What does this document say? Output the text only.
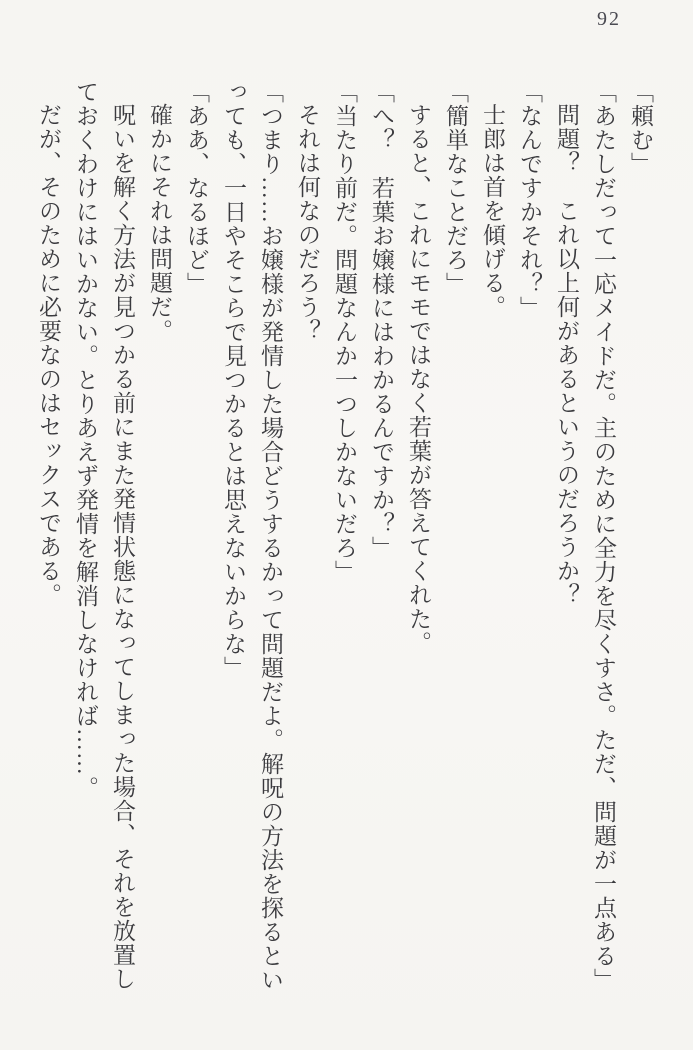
92

「頼む」

「あたしだって一応メイドだ。主のために全力を尽くすさ。ただ、問題が一点ある」

問題？　これ以上何があるというのだろうか？

「なんですかそれ？」

士郎は首を傾げる。

「簡単なことだろ」

すると、これにモモではなく若葉が答えてくれた。

「へ？　若葉お嬢様にはわかるんですか？」

「当たり前だ。問題なんか一つしかないだろ」

それは何なのだろう？

「つまり……お嬢様が発情した場合どうするかって問題だよ。解呪の方法を探るとい

っても、一日やそこらで見つかるとは思えないからな」

「ああ、なるほど」

確かにそれは問題だ。

呪いを解く方法が見つかる前にまた発情状態になってしまった場合、それを放置し

ておくわけにはいかない。とりあえず発情を解消しなければ……。

だが、そのために必要なのはセックスである。
